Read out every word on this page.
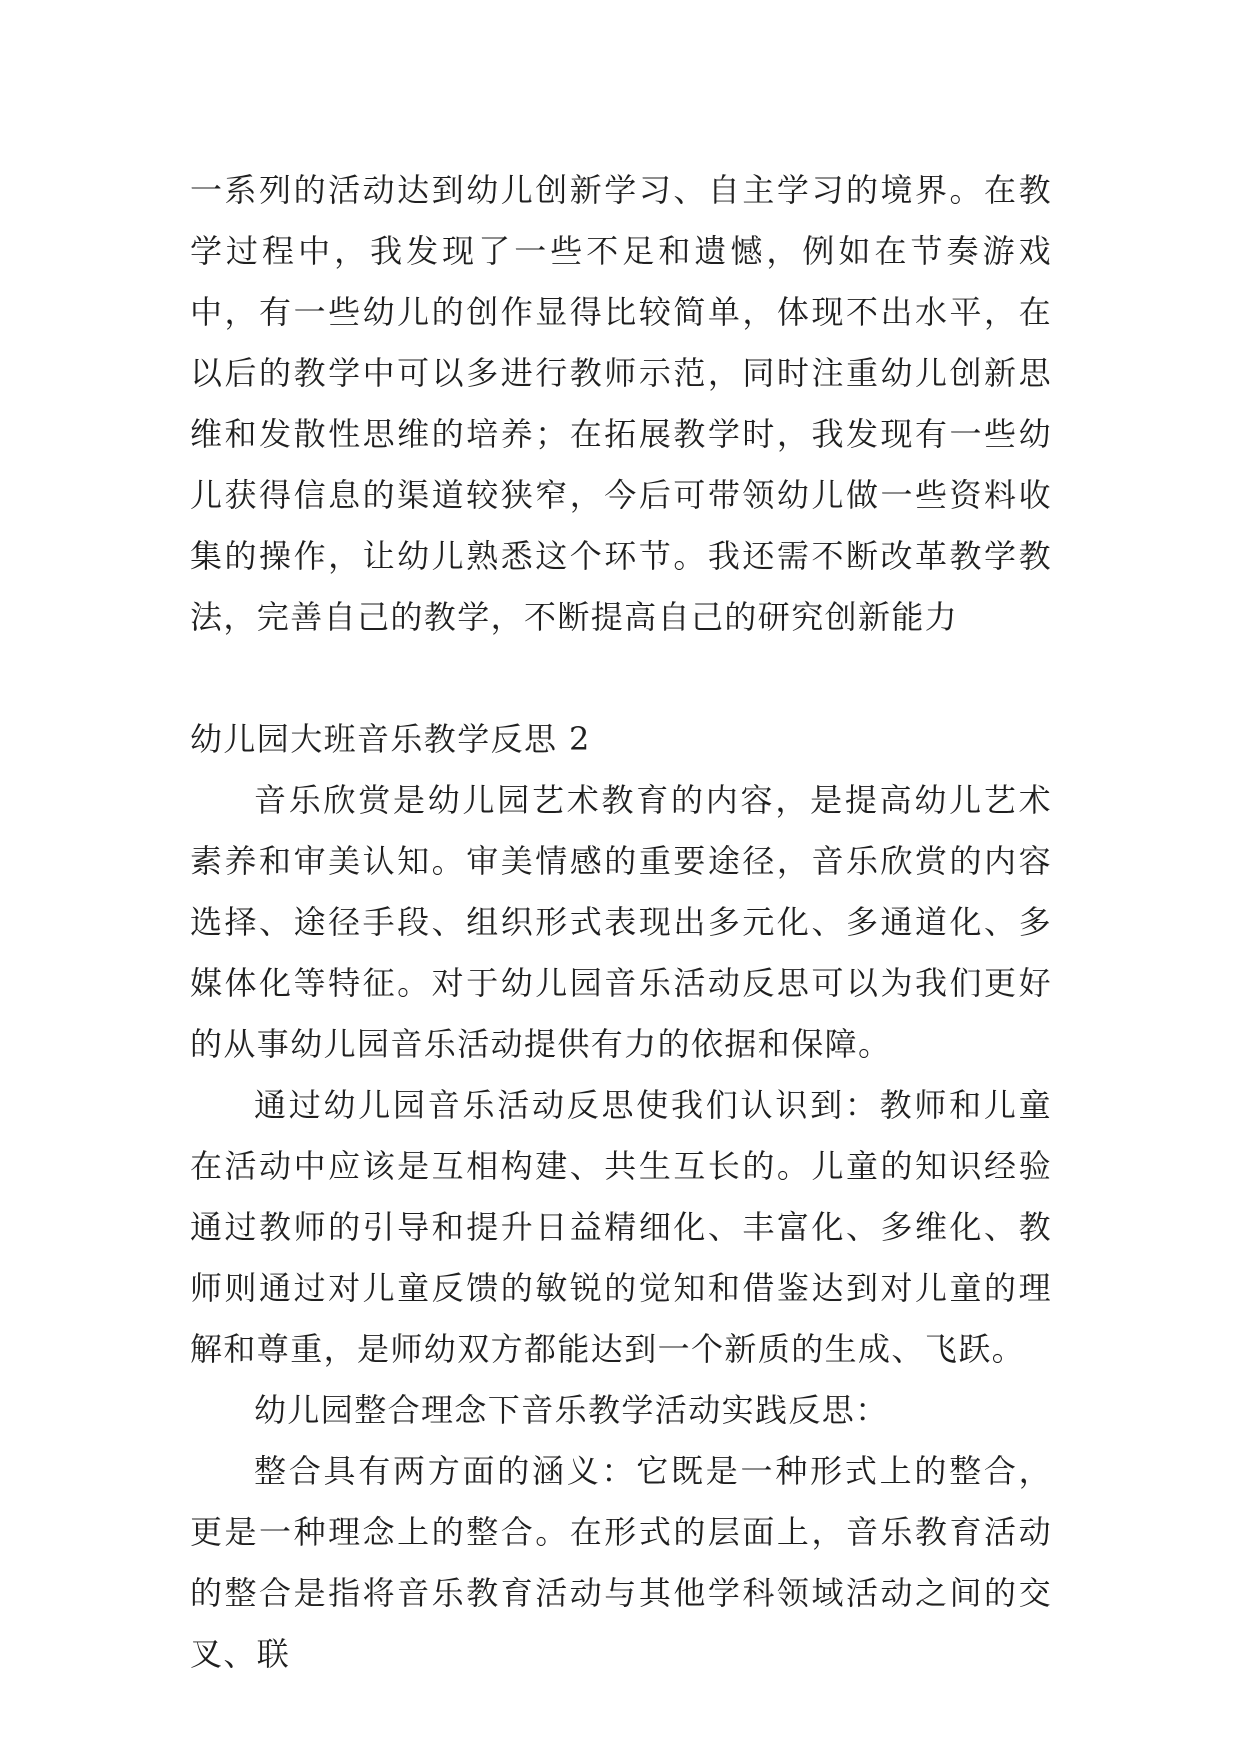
一系列的活动达到幼儿创新学习、自主学习的境界。在教学过程中，我发现了一些不足和遗憾，例如在节奏游戏中，有一些幼儿的创作显得比较简单，体现不出水平，在以后的教学中可以多进行教师示范，同时注重幼儿创新思维和发散性思维的培养；在拓展教学时，我发现有一些幼儿获得信息的渠道较狭窄，今后可带领幼儿做一些资料收集的操作，让幼儿熟悉这个环节。我还需不断改革教学教法，完善自己的教学，不断提高自己的研究创新能力

幼儿园大班音乐教学反思 2

音乐欣赏是幼儿园艺术教育的内容，是提高幼儿艺术素养和审美认知。审美情感的重要途径，音乐欣赏的内容选择、途径手段、组织形式表现出多元化、多通道化、多媒体化等特征。对于幼儿园音乐活动反思可以为我们更好的从事幼儿园音乐活动提供有力的依据和保障。

通过幼儿园音乐活动反思使我们认识到：教师和儿童在活动中应该是互相构建、共生互长的。儿童的知识经验通过教师的引导和提升日益精细化、丰富化、多维化、教师则通过对儿童反馈的敏锐的觉知和借鉴达到对儿童的理解和尊重，是师幼双方都能达到一个新质的生成、飞跃。

幼儿园整合理念下音乐教学活动实践反思：

整合具有两方面的涵义：它既是一种形式上的整合，更是一种理念上的整合。在形式的层面上，音乐教育活动的整合是指将音乐教育活动与其他学科领域活动之间的交叉、联
